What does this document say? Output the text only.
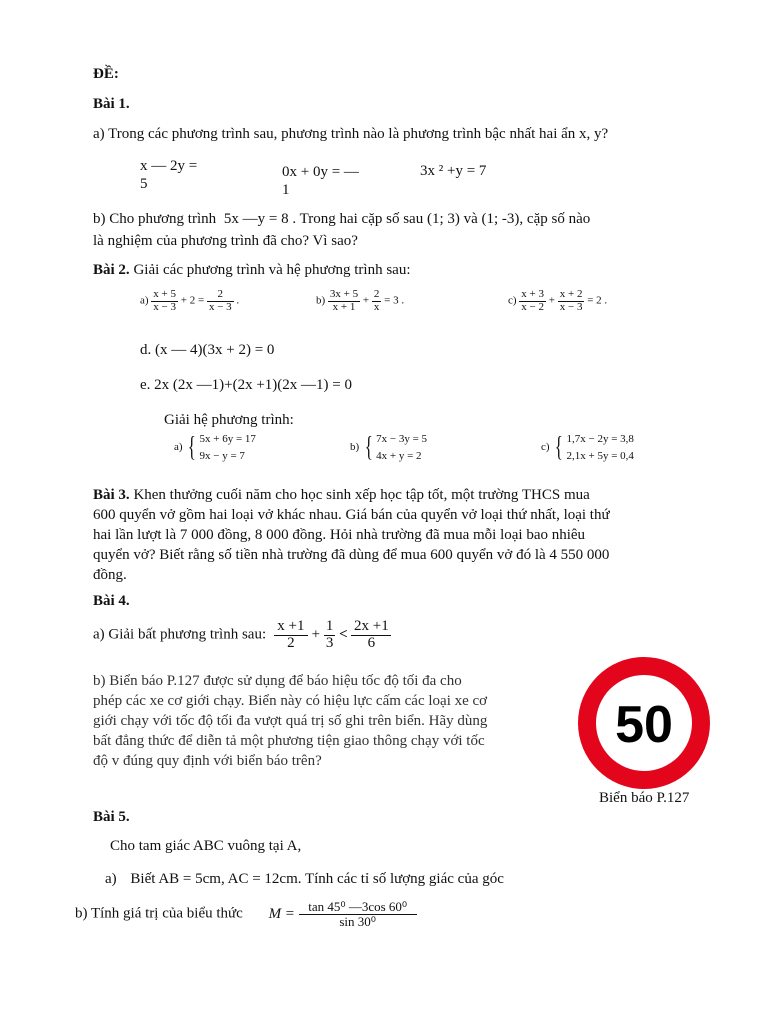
ĐỀ:
Bài 1.
a) Trong các phương trình sau, phương trình nào là phương trình bậc nhất hai ẩn x, y?
x — 2y =
5
0x + 0y = —
1
3x ² +y = 7
b) Cho phương trình 5x —y = 8 . Trong hai cặp số sau (1; 3) và (1; -3), cặp số nào
là nghiệm của phương trình đã cho? Vì sao?
Bài 2. Giải các phương trình và hệ phương trình sau:
$a) \frac{x + 5}{x - 3} + 2 = \frac{2}{x - 3}$ .	$b) \frac{3x + 5}{x + 1} + \frac{2}{x} = 3$ .	$c) \frac{x + 3}{x - 2} + \frac{x + 2}{x - 3} = 2$ .
d. (x — 4)(3x + 2) = 0
e. 2x (2x —1)+(2x +1)(2x —1) = 0
Giải hệ phương trình:
a) { 5x + 6y = 17
9x − y = 7
b) { 7x − 3y = 5
4x + y = 2
c) { 1,7x − 2y = 3,8
2,1x + 5y = 0,4
Bài 3. Khen thưởng cuối năm cho học sinh xếp học tập tốt, một trường THCS mua
600 quyển vở gồm hai loại vở khác nhau. Giá bán của quyển vở loại thứ nhất, loại thứ
hai lần lượt là 7 000 đồng, 8 000 đồng. Hỏi nhà trường đã mua mỗi loại bao nhiêu
quyển vở? Biết rằng số tiền nhà trường đã dùng để mua 600 quyển vở đó là 4 550 000
đồng.
Bài 4.
a) Giải bất phương trình sau: $\frac{x +1}{2} + \frac{1}{3} < \frac{2x +1}{6}$
b) Biển báo P.127 được sử dụng để báo hiệu tốc độ tối đa cho
phép các xe cơ giới chạy. Biển này có hiệu lực cấm các loại xe cơ
giới chạy với tốc độ tối đa vượt quá trị số ghi trên biển. Hãy dùng
bất đẳng thức để diễn tả một phương tiện giao thông chạy với tốc
độ v đúng quy định với biển báo trên?
50
Biển báo P.127
Bài 5.
Cho tam giác ABC vuông tại A,
a) Biết AB = 5cm, AC = 12cm. Tính các tỉ số lượng giác của góc
b) Tính giá trị của biểu thức $M = \frac{\text{tan 45⁰ —3cos 60⁰}}{\text{sin 30⁰}}$
